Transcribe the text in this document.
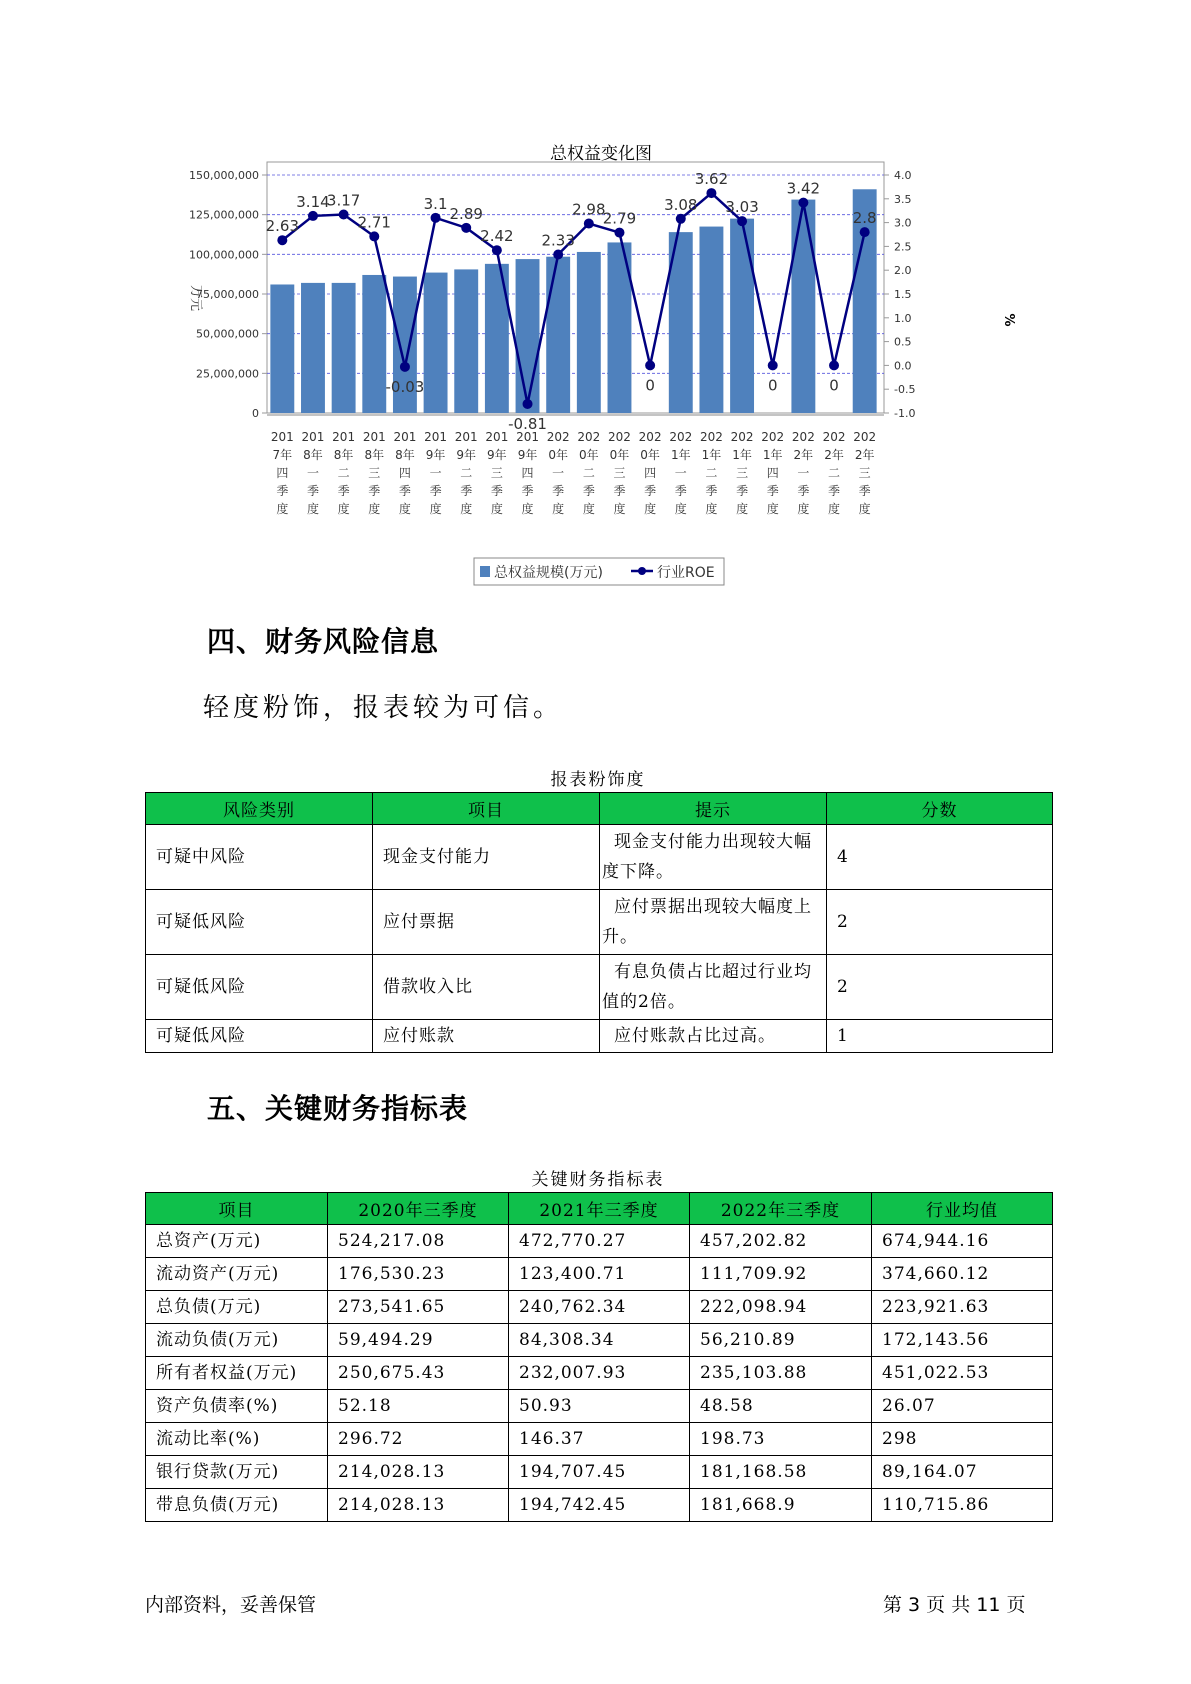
总权益变化图
万元
%
2.63
3.14
3.17
2.71
-0.03
3.1
2.89
2.42
-0.81
2.33
2.98
2.79
0
3.08
3.62
3.03
0
3.42
0
2.8
0
25,000,000
50,000,000
75,000,000
100,000,000
125,000,000
150,000,000	4.0
3.5
3.0
2.5
2.0
1.5
1.0
0.5
0.0
-0.5
-1.0
201
7年
四
季
度
201
8年
一
季
度
201
8年
二
季
度
201
8年
三
季
度
201
8年
四
季
度
201
9年
一
季
度
201
9年
二
季
度
201
9年
三
季
度
201
9年
四
季
度
202
0年
一
季
度
202
0年
二
季
度
202
0年
三
季
度
202
0年
四
季
度
202
1年
一
季
度
202
1年
二
季
度
202
1年
三
季
度
202
1年
四
季
度
202
2年
一
季
度
202
2年
二
季
度
202
2年
三
季
度
总权益规模(万元)	行业ROE
四、财务风险信息
轻度粉饰，报表较为可信。
报表粉饰度
风险类别	项目	提示	分数
可疑中风险	现金支付能力	现金支付能力出现较大幅度下降。	4
可疑低风险	应付票据	应付票据出现较大幅度上升。	2
可疑低风险	借款收入比	有息负债占比超过行业均值的2倍。	2
可疑低风险	应付账款	应付账款占比过高。	1
五、关键财务指标表
关键财务指标表
项目	2020年三季度	2021年三季度	2022年三季度	行业均值
总资产(万元)	524,217.08	472,770.27	457,202.82	674,944.16
流动资产(万元)	176,530.23	123,400.71	111,709.92	374,660.12
总负债(万元)	273,541.65	240,762.34	222,098.94	223,921.63
流动负债(万元)	59,494.29	84,308.34	56,210.89	172,143.56
所有者权益(万元)	250,675.43	232,007.93	235,103.88	451,022.53
资产负债率(%)	52.18	50.93	48.58	26.07
流动比率(%)	296.72	146.37	198.73	298
银行贷款(万元)	214,028.13	194,707.45	181,168.58	89,164.07
带息负债(万元)	214,028.13	194,742.45	181,668.9	110,715.86
内部资料，妥善保管	第 3 页 共 11 页
